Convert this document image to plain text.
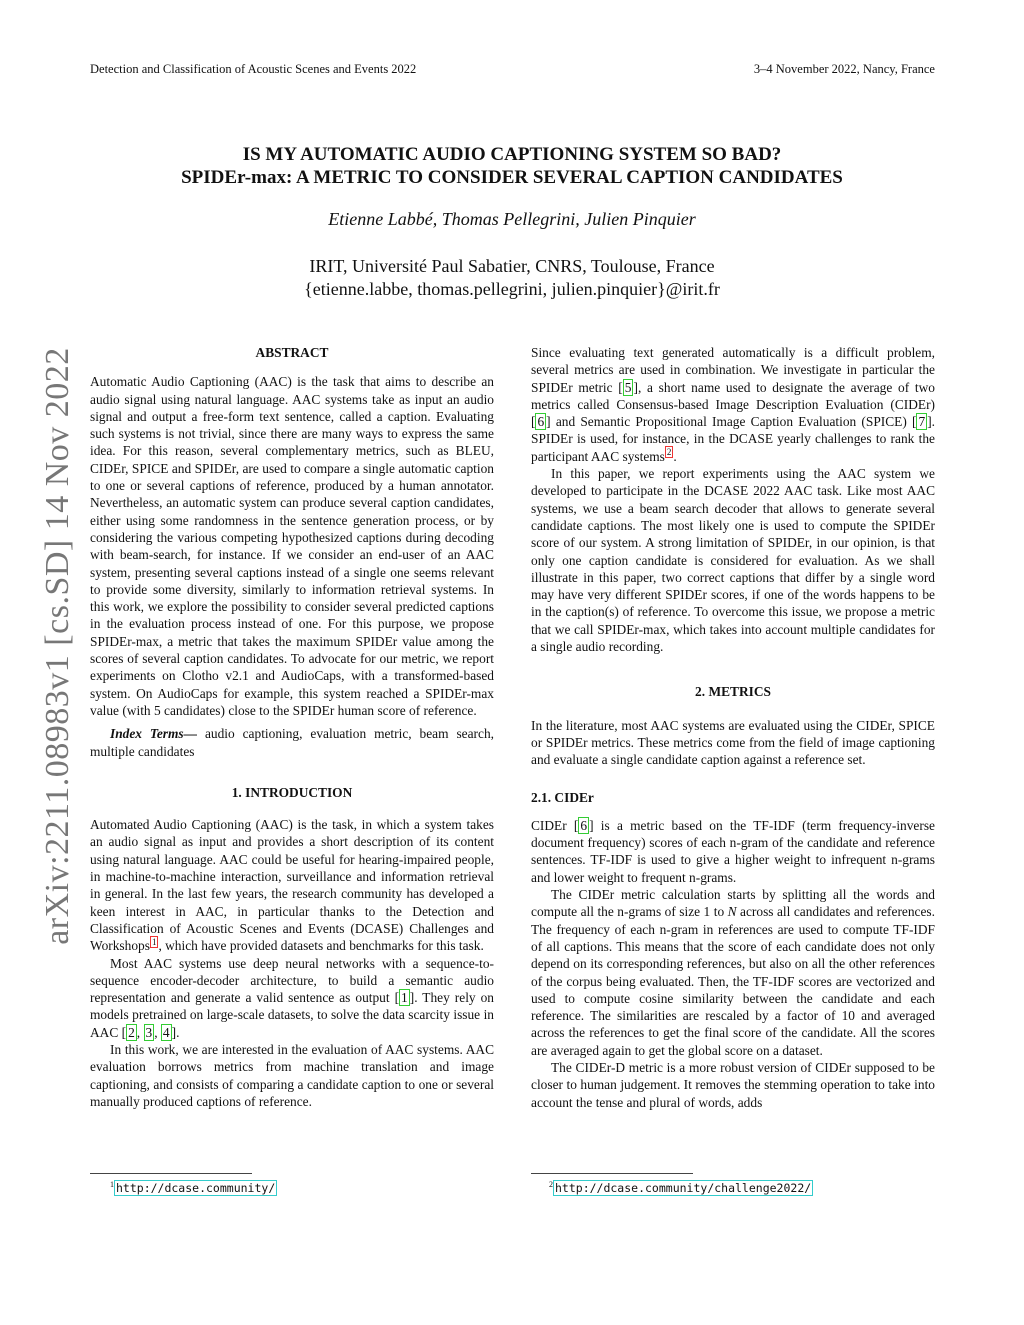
Detection and Classification of Acoustic Scenes and Events 2022	3–4 November 2022, Nancy, France
IS MY AUTOMATIC AUDIO CAPTIONING SYSTEM SO BAD?
SPIDEr-max: A METRIC TO CONSIDER SEVERAL CAPTION CANDIDATES
Etienne Labbé, Thomas Pellegrini, Julien Pinquier
IRIT, Université Paul Sabatier, CNRS, Toulouse, France
{etienne.labbe, thomas.pellegrini, julien.pinquier}@irit.fr
arXiv:2211.08983v1 [cs.SD] 14 Nov 2022	ABSTRACT

Automatic Audio Captioning (AAC) is the task that aims to describe an audio signal using natural language. AAC systems take as input an audio signal and output a free-form text sentence, called a caption. Evaluating such systems is not trivial, since there are many ways to express the same idea. For this reason, several complementary metrics, such as BLEU, CIDEr, SPICE and SPIDEr, are used to compare a single automatic caption to one or several captions of reference, produced by a human annotator. Nevertheless, an automatic system can produce several caption candidates, either using some randomness in the sentence generation process, or by considering the various competing hypothesized captions during decoding with beam-search, for instance. If we consider an end-user of an AAC system, presenting several captions instead of a single one seems relevant to provide some diversity, similarly to information retrieval systems. In this work, we explore the possibility to consider several predicted captions in the evaluation process instead of one. For this purpose, we propose SPIDEr-max, a metric that takes the maximum SPIDEr value among the scores of several caption candidates. To advocate for our metric, we report experiments on Clotho v2.1 and AudioCaps, with a transformed-based system. On AudioCaps for example, this system reached a SPIDEr-max value (with 5 candidates) close to the SPIDEr human score of reference.

Index Terms— audio captioning, evaluation metric, beam search, multiple candidates

1. INTRODUCTION

Automated Audio Captioning (AAC) is the task, in which a system takes an audio signal as input and provides a short description of its content using natural language. AAC could be useful for hearing-impaired people, in machine-to-machine interaction, surveillance and information retrieval in general. In the last few years, the research community has developed a keen interest in AAC, in particular thanks to the Detection and Classification of Acoustic Scenes and Events (DCASE) Challenges and Workshops $^1$ , which have provided datasets and benchmarks for this task.

Most AAC systems use deep neural networks with a sequence-to-sequence encoder-decoder architecture, to build a semantic audio representation and generate a valid sentence as output [ 1 ]. They rely on models pretrained on large-scale datasets, to solve the data scarcity issue in AAC [ 2 , 3 , 4 ].

In this work, we are interested in the evaluation of AAC systems. AAC evaluation borrows metrics from machine translation and image captioning, and consists of comparing a candidate caption to one or several manually produced captions of reference.

Since evaluating text generated automatically is a difficult problem, several metrics are used in combination. We investigate in particular the SPIDEr metric [ 5 ], a short name used to designate the average of two metrics called Consensus-based Image Description Evaluation (CIDEr) [ 6 ] and Semantic Propositional Image Caption Evaluation (SPICE) [ 7 ]. SPIDEr is used, for instance, in the DCASE yearly challenges to rank the participant AAC systems $^2$ .

In this paper, we report experiments using the AAC system we developed to participate in the DCASE 2022 AAC task. Like most AAC systems, we use a beam search decoder that allows to generate several candidate captions. The most likely one is used to compute the SPIDEr score of our system. A strong limitation of SPIDEr, in our opinion, is that only one caption candidate is considered for evaluation. As we shall illustrate in this paper, two correct captions that differ by a single word may have very different SPIDEr scores, if one of the words happens to be in the caption(s) of reference. To overcome this issue, we propose a metric that we call SPIDEr-max, which takes into account multiple candidates for a single audio recording.

2. METRICS

In the literature, most AAC systems are evaluated using the CIDEr, SPICE or SPIDEr metrics. These metrics come from the field of image captioning and evaluate a single candidate caption against a reference set.

2.1. CIDEr

CIDEr [ 6 ] is a metric based on the TF-IDF (term frequency-inverse document frequency) scores of each n-gram of the candidate and reference sentences. TF-IDF is used to give a higher weight to infrequent n-grams and lower weight to frequent n-grams.

The CIDEr metric calculation starts by splitting all the words and compute all the n-grams of size 1 to N across all candidates and references. The frequency of each n-gram in references are used to compute TF-IDF of all captions. This means that the score of each candidate does not only depend on its corresponding references, but also on all the other references of the corpus being evaluated. Then, the TF-IDF scores are vectorized and used to compute cosine similarity between the candidate and each reference. The similarities are rescaled by a factor of 10 and averaged across the references to get the final score of the candidate. All the scores are averaged again to get the global score on a dataset.

The CIDEr-D metric is a more robust version of CIDEr supposed to be closer to human judgement. It removes the stemming operation to take into account the tense and plural of words, adds

$^1$ http://dcase.community/	$^2$ http://dcase.community/challenge2022/
